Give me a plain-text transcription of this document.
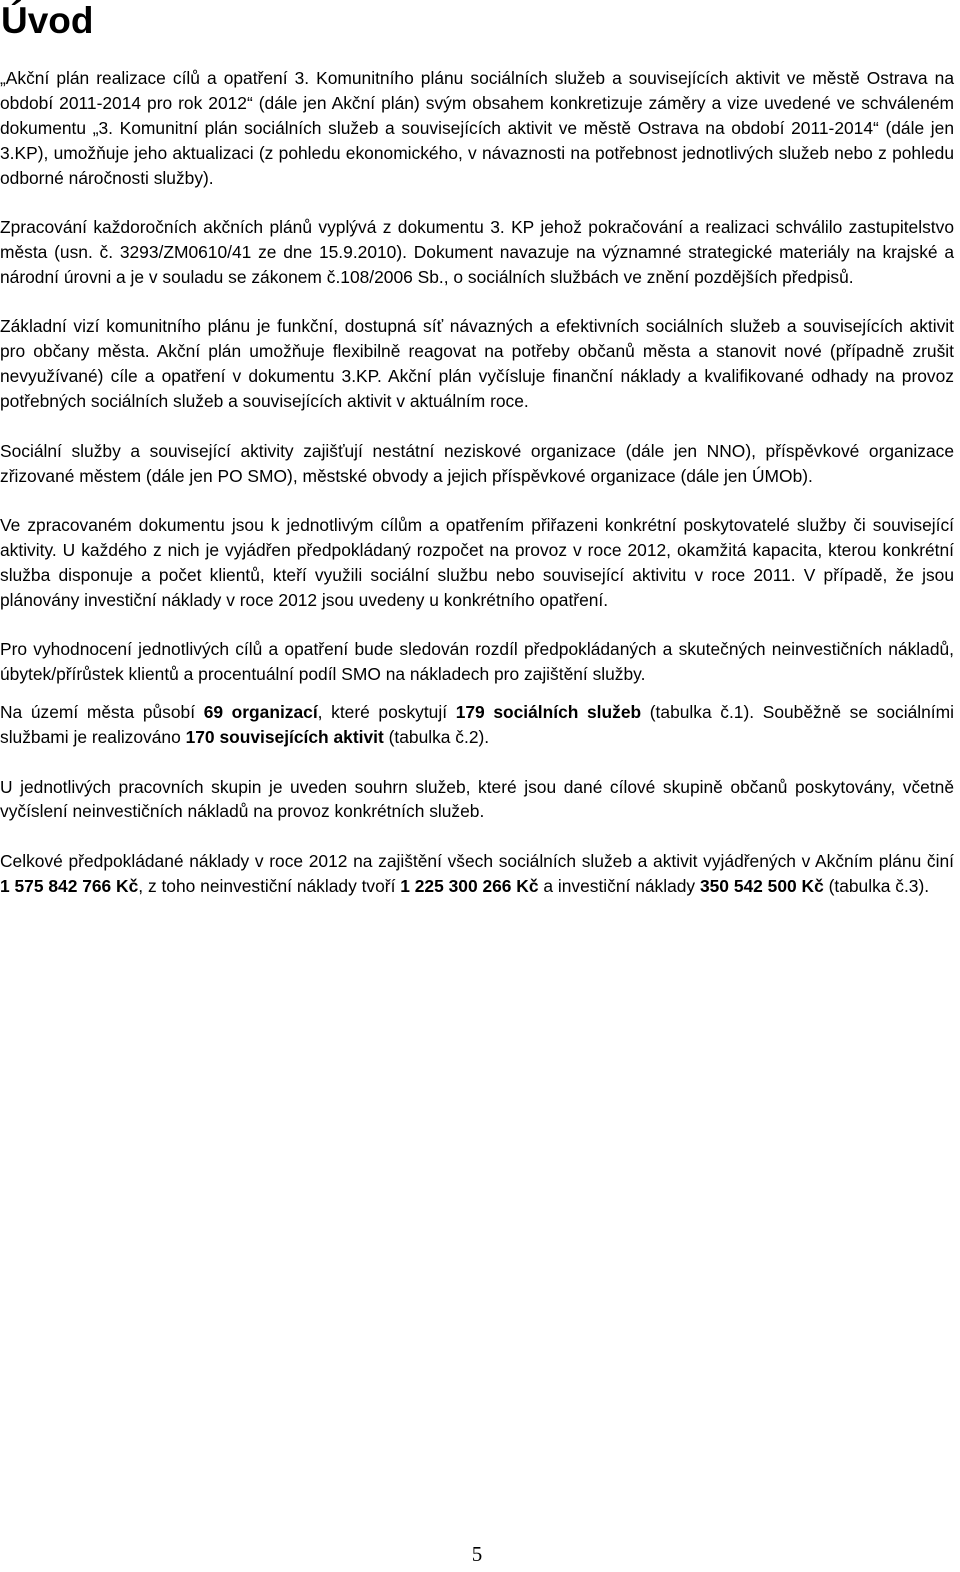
Úvod

„Akční plán realizace cílů a opatření 3. Komunitního plánu sociálních služeb a souvisejících aktivit ve městě Ostrava na období 2011-2014 pro rok 2012“ (dále jen Akční plán) svým obsahem konkretizuje záměry a vize uvedené ve schváleném dokumentu „3. Komunitní plán sociálních služeb a souvisejících aktivit ve městě Ostrava na období 2011-2014“ (dále jen 3.KP), umožňuje jeho aktualizaci (z pohledu ekonomického, v návaznosti na potřebnost jednotlivých služeb nebo z pohledu odborné náročnosti služby).

Zpracování každoročních akčních plánů vyplývá z dokumentu 3. KP jehož pokračování a realizaci schválilo zastupitelstvo města (usn. č. 3293/ZM0610/41 ze dne 15.9.2010). Dokument navazuje na významné strategické materiály na krajské a národní úrovni a je v souladu se zákonem č.108/2006 Sb., o sociálních službách ve znění pozdějších předpisů.

Základní vizí komunitního plánu je funkční, dostupná síť návazných a efektivních sociálních služeb a souvisejících aktivit pro občany města. Akční plán umožňuje flexibilně reagovat na potřeby občanů města a stanovit nové (případně zrušit nevyužívané) cíle a opatření v dokumentu 3.KP. Akční plán vyčísluje finanční náklady a kvalifikované odhady na provoz potřebných sociálních služeb a souvisejících aktivit v aktuálním roce.

Sociální služby a související aktivity zajišťují nestátní neziskové organizace (dále jen NNO), příspěvkové organizace zřizované městem (dále jen PO SMO), městské obvody a jejich příspěvkové organizace (dále jen ÚMOb).

Ve zpracovaném dokumentu jsou k jednotlivým cílům a opatřením přiřazeni konkrétní poskytovatelé služby či související aktivity. U každého z nich je vyjádřen předpokládaný rozpočet na provoz v roce 2012, okamžitá kapacita, kterou konkrétní služba disponuje a počet klientů, kteří využili sociální službu nebo související aktivitu v roce 2011. V případě, že jsou plánovány investiční náklady v roce 2012 jsou uvedeny u konkrétního opatření.

Pro vyhodnocení jednotlivých cílů a opatření bude sledován rozdíl předpokládaných a skutečných neinvestičních nákladů, úbytek/přírůstek klientů a procentuální podíl SMO na nákladech pro zajištění služby.

Na území města působí 69 organizací, které poskytují 179 sociálních služeb (tabulka č.1). Souběžně se sociálními službami je realizováno 170 souvisejících aktivit (tabulka č.2).

U jednotlivých pracovních skupin je uveden souhrn služeb, které jsou dané cílové skupině občanů poskytovány, včetně vyčíslení neinvestičních nákladů na provoz konkrétních služeb.

Celkové předpokládané náklady v roce 2012 na zajištění všech sociálních služeb a aktivit vyjádřených v Akčním plánu činí 1 575 842 766 Kč, z toho neinvestiční náklady tvoří 1 225 300 266 Kč a investiční náklady 350 542 500 Kč (tabulka č.3).

5
